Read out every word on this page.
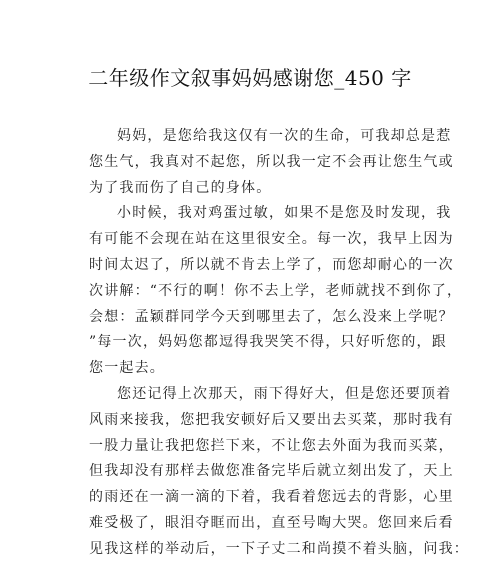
二年级作文叙事妈妈感谢您_450 字
妈妈，是您给我这仅有一次的生命，可我却总是惹
您生气，我真对不起您，所以我一定不会再让您生气或
为了我而伤了自己的身体。
小时候，我对鸡蛋过敏，如果不是您及时发现，我
有可能不会现在站在这里很安全。每一次，我早上因为
时间太迟了，所以就不肯去上学了，而您却耐心的一次
次讲解：“不行的啊！你不去上学，老师就找不到你了，
会想：孟颖群同学今天到哪里去了，怎么没来上学呢？
”每一次，妈妈您都逗得我哭笑不得，只好听您的，跟
您一起去。
您还记得上次那天，雨下得好大，但是您还要顶着
风雨来接我，您把我安顿好后又要出去买菜，那时我有
一股力量让我把您拦下来，不让您去外面为我而买菜，
但我却没有那样去做您准备完毕后就立刻出发了，天上
的雨还在一滴一滴的下着，我看着您远去的背影，心里
难受极了，眼泪夺眶而出，直至号啕大哭。您回来后看
见我这样的举动后，一下子丈二和尚摸不着头脑，问我：
